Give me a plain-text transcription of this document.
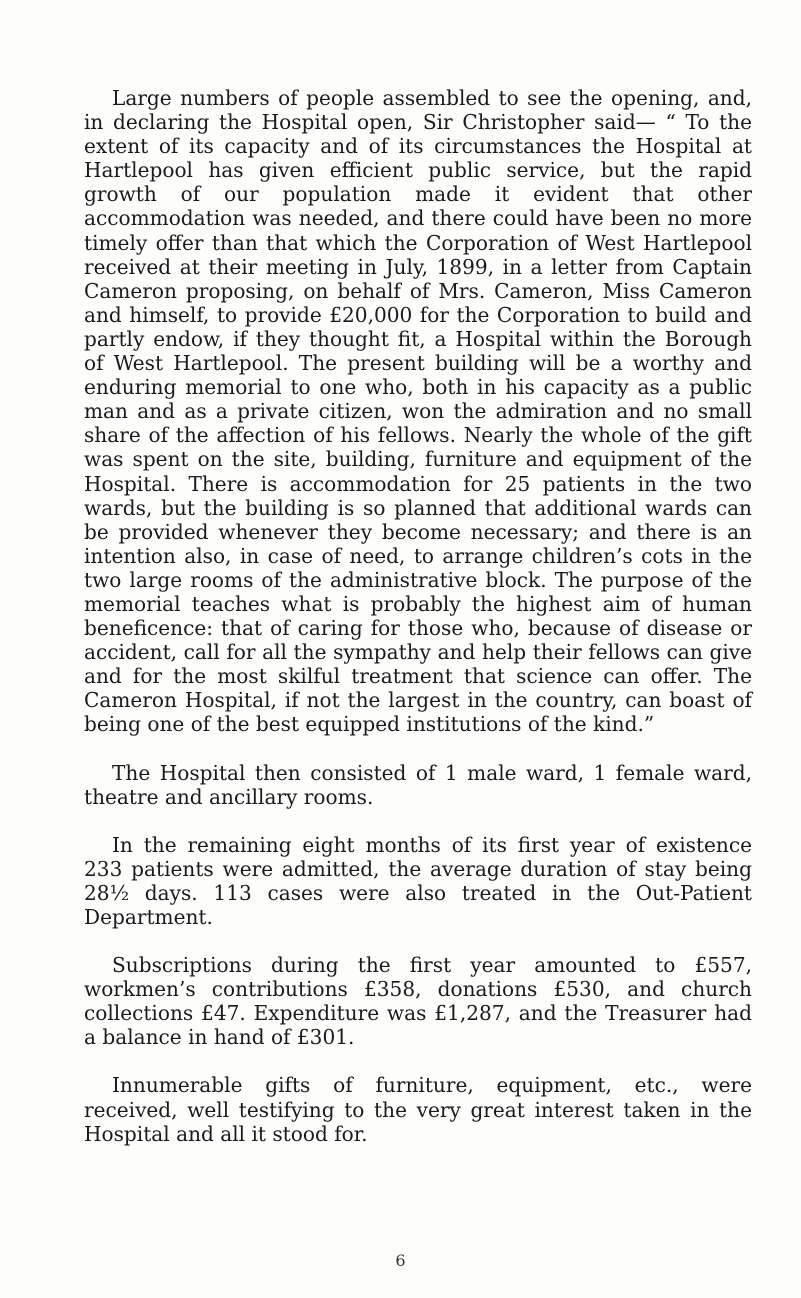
Large numbers of people assembled to see the opening, and, in declaring the Hospital open, Sir Christopher said— “ To the extent of its capacity and of its circumstances the Hospital at Hartlepool has given efficient public service, but the rapid growth of our population made it evident that other accommodation was needed, and there could have been no more timely offer than that which the Corporation of West Hartlepool received at their meeting in July, 1899, in a letter from Captain Cameron proposing, on behalf of Mrs. Cameron, Miss Cameron and himself, to provide £20,000 for the Corporation to build and partly endow, if they thought fit, a Hospital within the Borough of West Hartlepool. The present building will be a worthy and enduring memorial to one who, both in his capacity as a public man and as a private citizen, won the admiration and no small share of the affection of his fellows. Nearly the whole of the gift was spent on the site, building, furniture and equipment of the Hospital. There is accommodation for 25 patients in the two wards, but the building is so planned that additional wards can be provided whenever they become necessary; and there is an intention also, in case of need, to arrange children’s cots in the two large rooms of the administrative block. The purpose of the memorial teaches what is probably the highest aim of human beneficence: that of caring for those who, because of disease or accident, call for all the sympathy and help their fellows can give and for the most skilful treatment that science can offer. The Cameron Hospital, if not the largest in the country, can boast of being one of the best equipped institutions of the kind.”

The Hospital then consisted of 1 male ward, 1 female ward, theatre and ancillary rooms.

In the remaining eight months of its first year of existence 233 patients were admitted, the average duration of stay being 28½ days. 113 cases were also treated in the Out-Patient Department.

Subscriptions during the first year amounted to £557, workmen’s contributions £358, donations £530, and church collections £47. Expenditure was £1,287, and the Treasurer had a balance in hand of £301.

Innumerable gifts of furniture, equipment, etc., were received, well testifying to the very great interest taken in the Hospital and all it stood for.

6
